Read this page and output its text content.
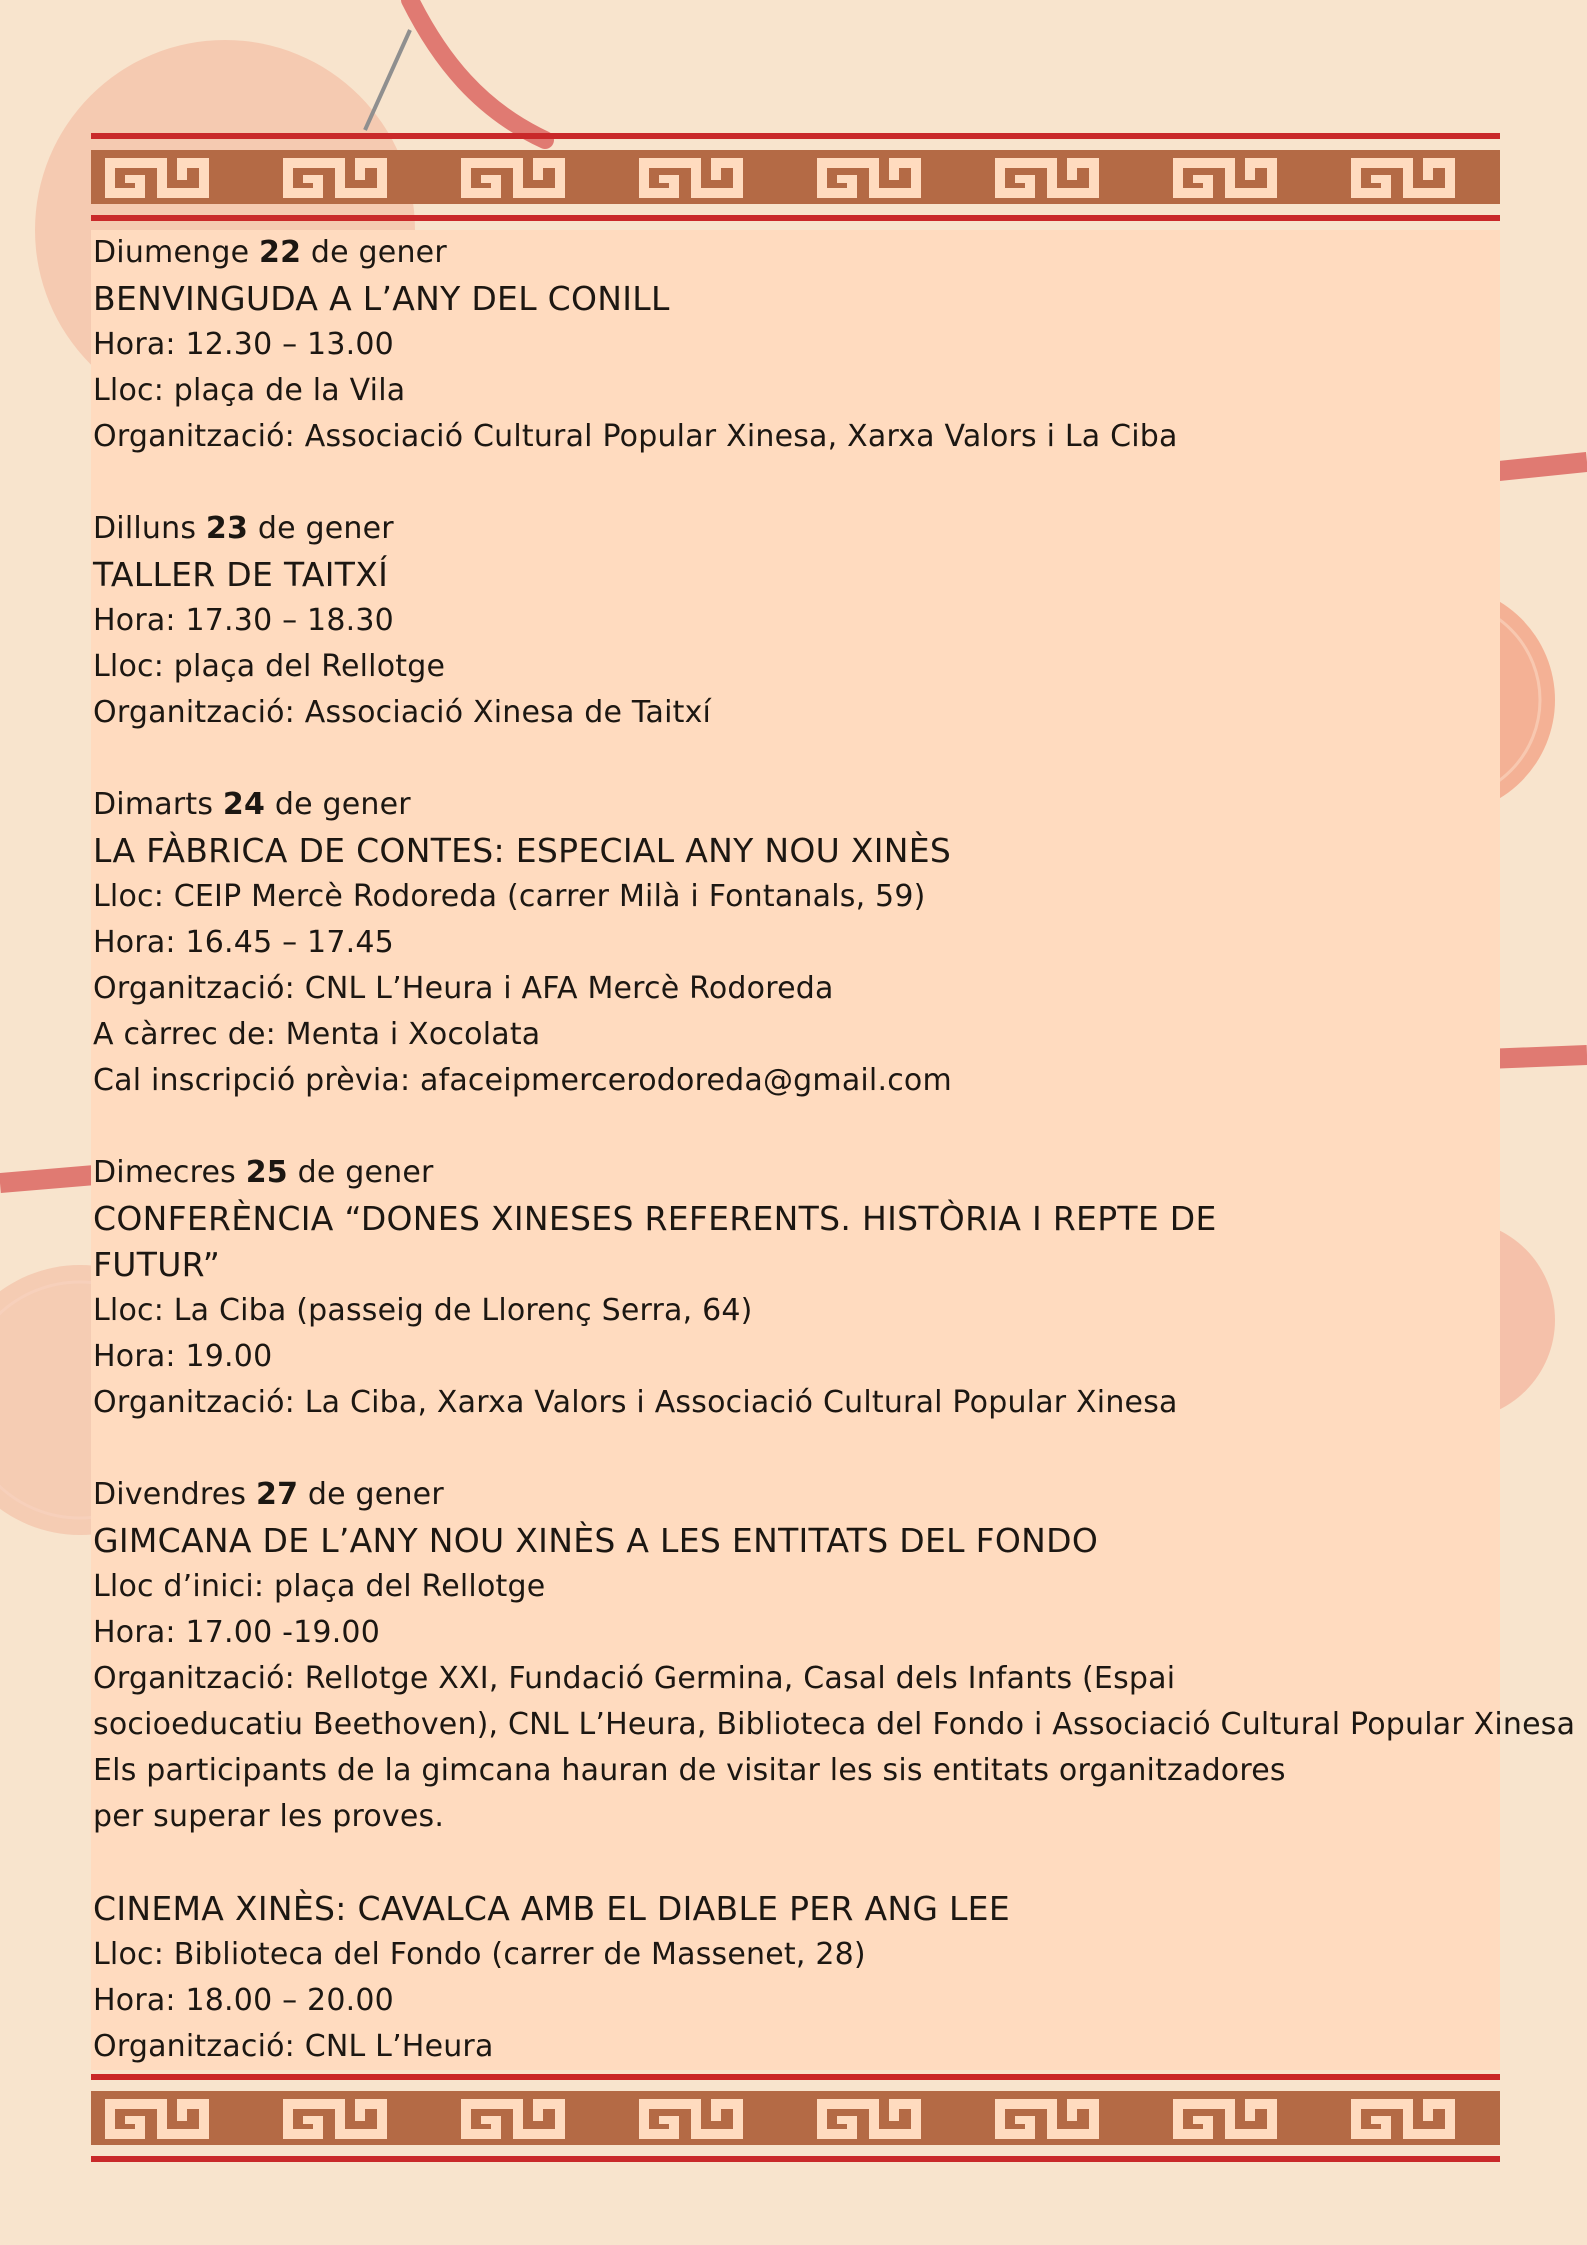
Diumenge 22 de gener
BENVINGUDA A L’ANY DEL CONILL
Hora: 12.30 – 13.00
Lloc: plaça de la Vila
Organització: Associació Cultural Popular Xinesa, Xarxa Valors i La Ciba
Dilluns 23 de gener
TALLER DE TAITXÍ
Hora: 17.30 – 18.30
Lloc: plaça del Rellotge
Organització: Associació Xinesa de Taitxí
Dimarts 24 de gener
LA FÀBRICA DE CONTES: ESPECIAL ANY NOU XINÈS
Lloc: CEIP Mercè Rodoreda (carrer Milà i Fontanals, 59)
Hora: 16.45 – 17.45
Organització: CNL L’Heura i AFA Mercè Rodoreda
A càrrec de: Menta i Xocolata
Cal inscripció prèvia: afaceipmercerodoreda@gmail.com
Dimecres 25 de gener
CONFERÈNCIA “DONES XINESES REFERENTS. HISTÒRIA I REPTE DE
FUTUR”
Lloc: La Ciba (passeig de Llorenç Serra, 64)
Hora: 19.00
Organització: La Ciba, Xarxa Valors i Associació Cultural Popular Xinesa
Divendres 27 de gener
GIMCANA DE L’ANY NOU XINÈS A LES ENTITATS DEL FONDO
Lloc d’inici: plaça del Rellotge
Hora: 17.00 -19.00
Organització: Rellotge XXI, Fundació Germina, Casal dels Infants (Espai
socioeducatiu Beethoven), CNL L’Heura, Biblioteca del Fondo i Associació Cultural Popular Xinesa
Els participants de la gimcana hauran de visitar les sis entitats organitzadores
per superar les proves.
CINEMA XINÈS: CAVALCA AMB EL DIABLE PER ANG LEE
Lloc: Biblioteca del Fondo (carrer de Massenet, 28)
Hora: 18.00 – 20.00
Organització: CNL L’Heura
